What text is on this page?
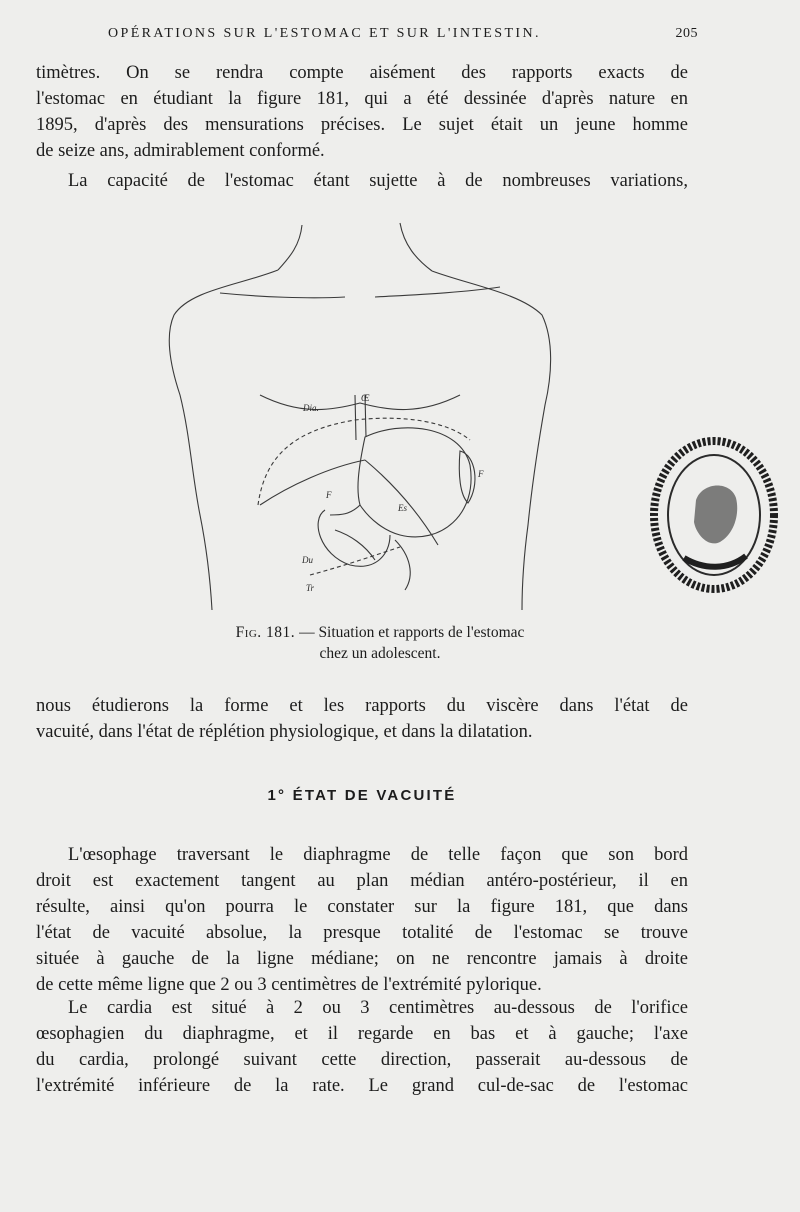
OPÉRATIONS SUR L'ESTOMAC ET SUR L'INTESTIN.	205

timètres. On se rendra compte aisément des rapports exacts de
l'estomac en étudiant la figure 181, qui a été dessinée d'après nature en
1895, d'après des mensurations précises. Le sujet était un jeune homme
de seize ans, admirablement conformé.

La capacité de l'estomac étant sujette à de nombreuses variations,

Dia.
Œ
F
F
Es
Du
Tr
Fig. 181. — Situation et rapports de l'estomac
chez un adolescent.

nous étudierons la forme et les rapports du viscère dans l'état de
vacuité, dans l'état de réplétion physiologique, et dans la dilatation.

1° ÉTAT DE VACUITÉ

L'œsophage traversant le diaphragme de telle façon que son bord
droit est exactement tangent au plan médian antéro-postérieur, il en
résulte, ainsi qu'on pourra le constater sur la figure 181, que dans
l'état de vacuité absolue, la presque totalité de l'estomac se trouve
située à gauche de la ligne médiane; on ne rencontre jamais à droite
de cette même ligne que 2 ou 3 centimètres de l'extrémité pylorique.

Le cardia est situé à 2 ou 3 centimètres au-dessous de l'orifice
œsophagien du diaphragme, et il regarde en bas et à gauche; l'axe
du cardia, prolongé suivant cette direction, passerait au-dessous de
l'extrémité inférieure de la rate. Le grand cul-de-sac de l'estomac
